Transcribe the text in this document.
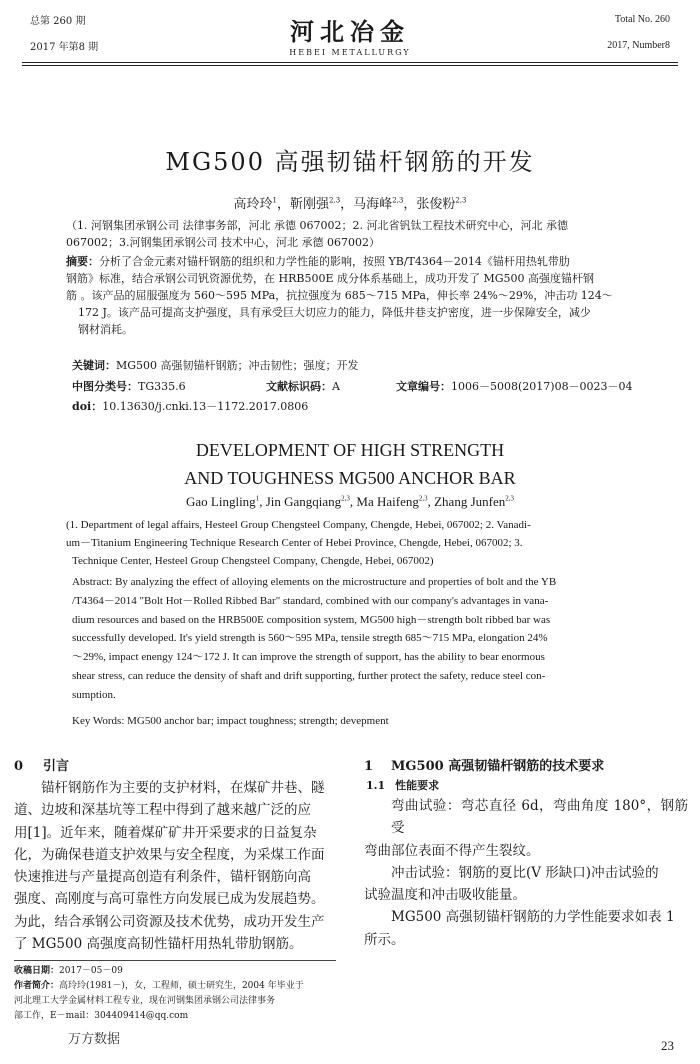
总第 260 期
2017 年第8 期
河北冶金
HEBEI METALLURGY
Total No. 260
2017, Number8
MG500 高强韧锚杆钢筋的开发
高玲玲$^1$，靳刚强$^{2,3}$，马海峰$^{2,3}$，张俊粉$^{2,3}$
（1. 河钢集团承钢公司 法律事务部，河北 承德 067002；2. 河北省钒钛工程技术研究中心，河北 承德
067002；3.河钢集团承钢公司 技术中心，河北 承德 067002）
摘要：分析了合金元素对锚杆钢筋的组织和力学性能的影响，按照 YB/T4364－2014《锚杆用热轧带肋
钢筋》标准，结合承钢公司钒资源优势，在 HRB500E 成分体系基础上，成功开发了 MG500 高强度锚杆钢
筋 。该产品的屈服强度为 560～595 MPa，抗拉强度为 685～715 MPa，伸长率 24%～29%，冲击功 124～
172 J。该产品可提高支护强度，具有承受巨大切应力的能力，降低井巷支护密度，进一步保障安全，减少
钢材消耗。
关键词：MG500 高强韧锚杆钢筋；冲击韧性；强度；开发
中图分类号：TG335.6	文献标识码：A	文章编号：1006－5008(2017)08－0023－04
doi：10.13630/j.cnki.13－1172.2017.0806
DEVELOPMENT OF HIGH STRENGTH
AND TOUGHNESS MG500 ANCHOR BAR
Gao Lingling$^1$, Jin Gangqiang$^{2,3}$, Ma Haifeng$^{2,3}$, Zhang Junfen$^{2,3}$
(1. Department of legal affairs, Hesteel Group Chengsteel Company, Chengde, Hebei, 067002; 2. Vanadi-
um－Titanium Engineering Technique Research Center of Hebei Province, Chengde, Hebei, 067002; 3.
Technique Center, Hesteel Group Chengsteel Company, Chengde, Hebei, 067002)
Abstract: By analyzing the effect of alloying elements on the microstructure and properties of bolt and the YB
/T4364－2014 "Bolt Hot－Rolled Ribbed Bar" standard, combined with our company's advantages in vana-
dium resources and based on the HRB500E composition system, MG500 high－strength bolt ribbed bar was
successfully developed. It's yield strength is 560～595 MPa, tensile stregth 685～715 MPa, elongation 24%
～29%, impact enengy 124～172 J. It can improve the strength of support, has the ability to bear enormous
shear stress, can reduce the density of shaft and drift supporting, further protect the safety, reduce steel con-
sumption.
Key Words: MG500 anchor bar; impact toughness; strength; devepment
0 引言
锚杆钢筋作为主要的支护材料，在煤矿井巷、隧
道、边坡和深基坑等工程中得到了越来越广泛的应
用[1]。近年来，随着煤矿矿井开采要求的日益复杂
化，为确保巷道支护效果与安全程度，为采煤工作面
快速推进与产量提高创造有利条件，锚杆钢筋向高
强度、高刚度与高可靠性方向发展已成为发展趋势。
为此，结合承钢公司资源及技术优势，成功开发生产
了 MG500 高强度高韧性锚杆用热轧带肋钢筋。
收稿日期：2017－05－09
作者简介：高玲玲(1981－)，女，工程师，硕士研究生，2004 年毕业于
河北理工大学金属材料工程专业，现在河钢集团承钢公司法律事务
部工作，E－mail：304409414@qq.com
万方数据
1 MG500 高强韧锚杆钢筋的技术要求
1.1 性能要求
弯曲试验：弯芯直径 6d，弯曲角度 180°，钢筋受
弯曲部位表面不得产生裂纹。
冲击试验：钢筋的夏比(V 形缺口)冲击试验的
试验温度和冲击吸收能量。
MG500 高强韧锚杆钢筋的力学性能要求如表 1
所示。
23
